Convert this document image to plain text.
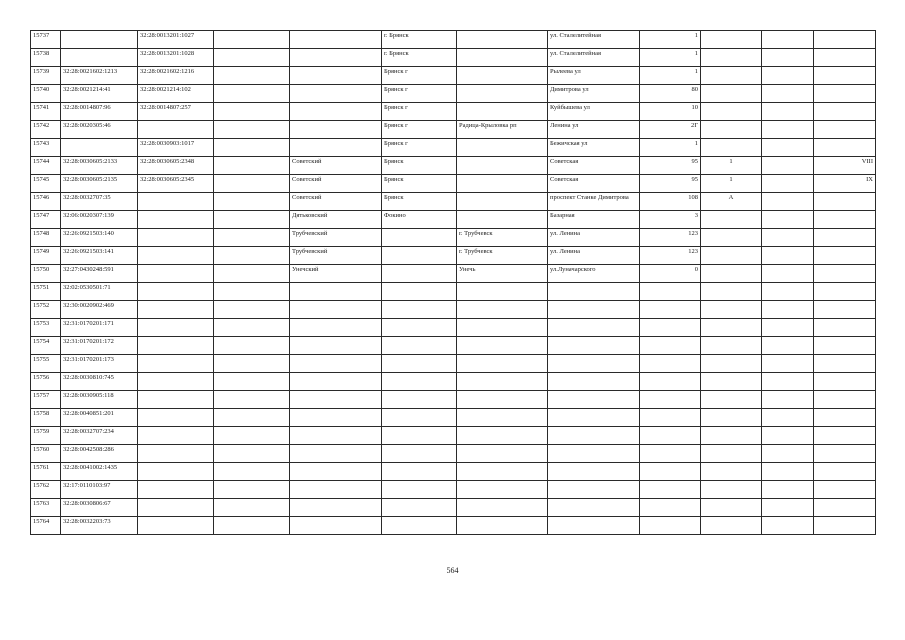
15737		32:28:0013201:1027			г. Брянск		ул. Сталелитейная	1			
15738		32:28:0013201:1028			г. Брянск		ул. Сталелитейная	1			
15739	32:28:0021602:1213	32:28:0021602:1216			Брянск г		Рылеева ул	1			
15740	32:28:0021214:41	32:28:0021214:102			Брянск г		Димитрова ул	80			
15741	32:28:0014807:96	32:28:0014807:257			Брянск г		Куйбышева ул	10			
15742	32:28:0020305:46				Брянск г	Радица-Крыловка рп	Ленина ул	2Г			
15743		32:28:0030903:1017			Брянск г		Бежичская ул	1			
15744	32:28:0030605:2133	32:28:0030605:2348		Советский	Брянск		Советская	95	1		VIII
15745	32:28:0030605:2135	32:28:0030605:2345		Советский	Брянск		Советская	95	1		IX
15746	32:28:0032707:35			Советский	Брянск		проспект Станке Димитрова	108	А		
15747	32:06:0020307:139			Дятьковский	Фокино		Базарная	3			
15748	32:26:0921503:140			Трубчевский		г. Трубчевск	ул. Ленина	123			
15749	32:26:0921503:141			Трубчевский		г. Трубчевск	ул. Ленина	123			
15750	32:27:0430248:591			Унечский		Унечь	ул.Луначарского	0			
15751	32:02:0530501:71										
15752	32:30:0020902:469										
15753	32:31:0170201:171										
15754	32:31:0170201:172										
15755	32:31:0170201:173										
15756	32:28:0030810:745										
15757	32:28:0030905:118										
15758	32:28:0040851:201										
15759	32:28:0032707:234										
15760	32:28:0042508:286										
15761	32:28:0041002:1435										
15762	32:17:0110103:97										
15763	32:28:0030806:67										
15764	32:28:0032203:73										
564
